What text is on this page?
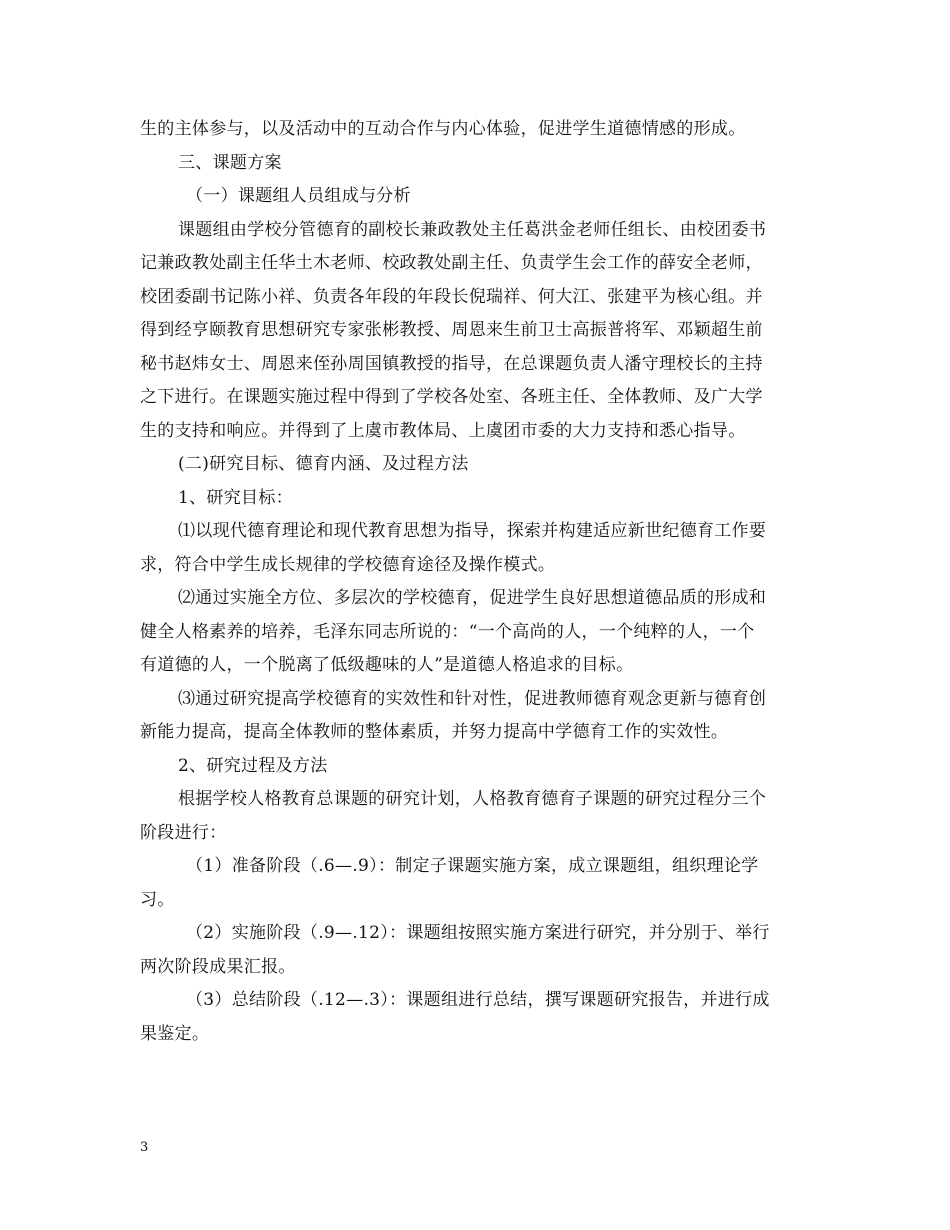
生的主体参与，以及活动中的互动合作与内心体验，促进学生道德情感的形成。
三、课题方案
（一）课题组人员组成与分析
课题组由学校分管德育的副校长兼政教处主任葛洪金老师任组长、由校团委书
记兼政教处副主任华土木老师、校政教处副主任、负责学生会工作的薛安全老师，
校团委副书记陈小祥、负责各年段的年段长倪瑞祥、何大江、张建平为核心组。并
得到经亨颐教育思想研究专家张彬教授、周恩来生前卫士高振普将军、邓颖超生前
秘书赵炜女士、周恩来侄孙周国镇教授的指导，在总课题负责人潘守理校长的主持
之下进行。在课题实施过程中得到了学校各处室、各班主任、全体教师、及广大学
生的支持和响应。并得到了上虞市教体局、上虞团市委的大力支持和悉心指导。
(二)研究目标、德育内涵、及过程方法
1、研究目标：
⑴以现代德育理论和现代教育思想为指导，探索并构建适应新世纪德育工作要
求，符合中学生成长规律的学校德育途径及操作模式。
⑵通过实施全方位、多层次的学校德育，促进学生良好思想道德品质的形成和
健全人格素养的培养，毛泽东同志所说的：“一个高尚的人，一个纯粹的人，一个
有道德的人，一个脱离了低级趣味的人”是道德人格追求的目标。
⑶通过研究提高学校德育的实效性和针对性，促进教师德育观念更新与德育创
新能力提高，提高全体教师的整体素质，并努力提高中学德育工作的实效性。
2、研究过程及方法
根据学校人格教育总课题的研究计划，人格教育德育子课题的研究过程分三个
阶段进行：
（1）准备阶段（.6—.9）：制定子课题实施方案，成立课题组，组织理论学
习。
（2）实施阶段（.9—.12）：课题组按照实施方案进行研究，并分别于、举行
两次阶段成果汇报。
（3）总结阶段（.12—.3）：课题组进行总结，撰写课题研究报告，并进行成
果鉴定。
3
